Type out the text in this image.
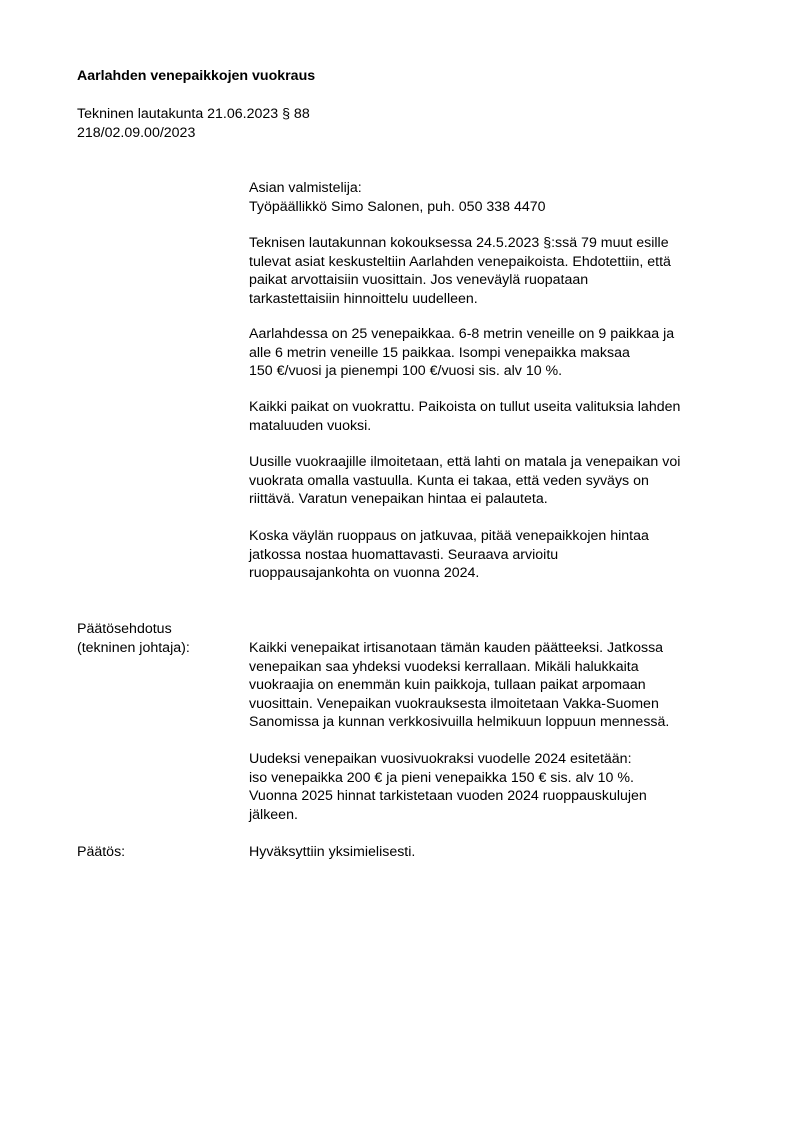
Aarlahden venepaikkojen vuokraus
Tekninen lautakunta 21.06.2023 § 88
218/02.09.00/2023
Asian valmistelija:
Työpäällikkö Simo Salonen, puh. 050 338 4470
Teknisen lautakunnan kokouksessa 24.5.2023 §:ssä 79 muut esille
tulevat asiat keskusteltiin Aarlahden venepaikoista. Ehdotettiin, että
paikat arvottaisiin vuosittain. Jos veneväylä ruopataan
tarkastettaisiin hinnoittelu uudelleen.
Aarlahdessa on 25 venepaikkaa. 6-8 metrin veneille on 9 paikkaa ja
alle 6 metrin veneille 15 paikkaa. Isompi venepaikka maksaa
150 €/vuosi ja pienempi 100 €/vuosi sis. alv 10 %.
Kaikki paikat on vuokrattu. Paikoista on tullut useita valituksia lahden
mataluuden vuoksi.
Uusille vuokraajille ilmoitetaan, että lahti on matala ja venepaikan voi
vuokrata omalla vastuulla. Kunta ei takaa, että veden syväys on
riittävä. Varatun venepaikan hintaa ei palauteta.
Koska väylän ruoppaus on jatkuvaa, pitää venepaikkojen hintaa
jatkossa nostaa huomattavasti. Seuraava arvioitu
ruoppausajankohta on vuonna 2024.
Päätösehdotus
(tekninen johtaja):	Kaikki venepaikat irtisanotaan tämän kauden päätteeksi. Jatkossa
venepaikan saa yhdeksi vuodeksi kerrallaan. Mikäli halukkaita
vuokraajia on enemmän kuin paikkoja, tullaan paikat arpomaan
vuosittain. Venepaikan vuokrauksesta ilmoitetaan Vakka-Suomen
Sanomissa ja kunnan verkkosivuilla helmikuun loppuun mennessä.
Uudeksi venepaikan vuosivuokraksi vuodelle 2024 esitetään:
iso venepaikka 200 € ja pieni venepaikka 150 € sis. alv 10 %.
Vuonna 2025 hinnat tarkistetaan vuoden 2024 ruoppauskulujen
jälkeen.
Päätös:	Hyväksyttiin yksimielisesti.
